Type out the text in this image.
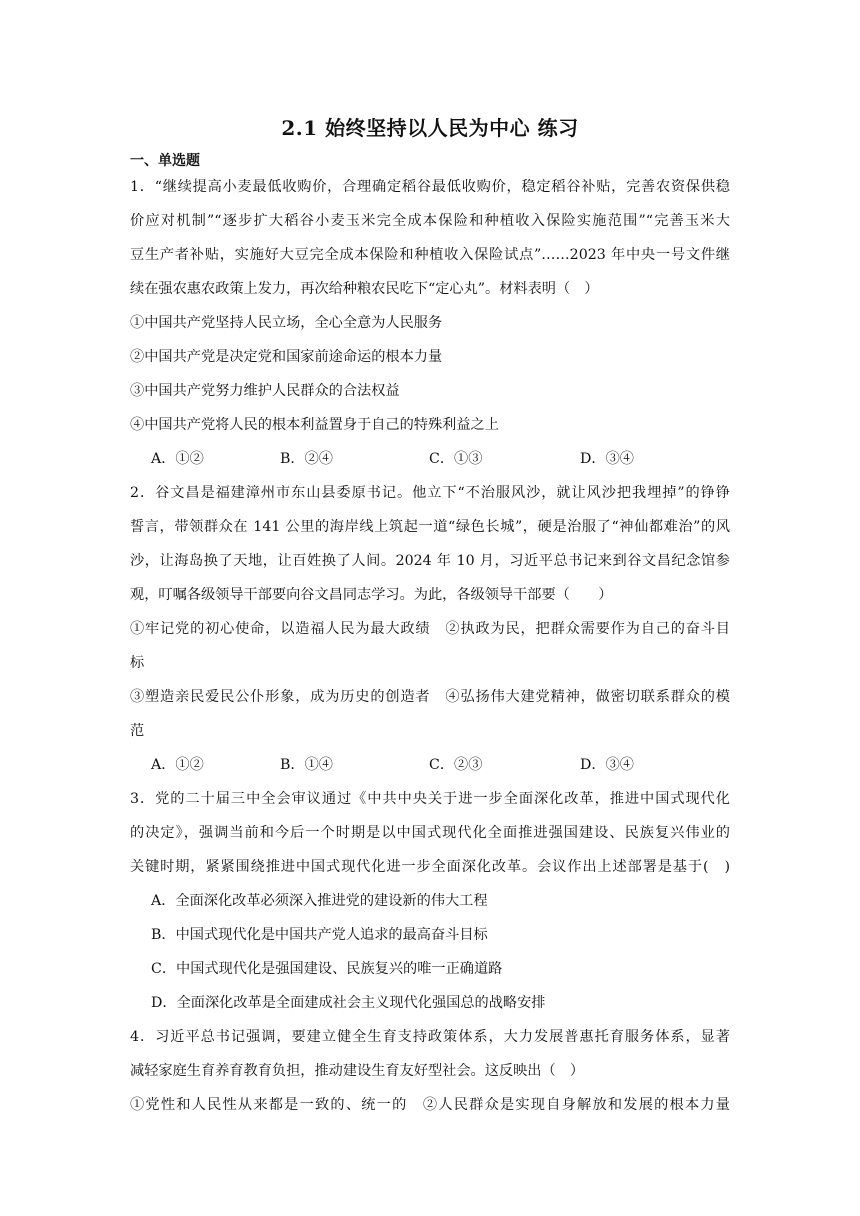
2.1 始终坚持以人民为中心 练习
一、单选题
1．“继续提高小麦最低收购价，合理确定稻谷最低收购价，稳定稻谷补贴，完善农资保供稳
价应对机制”“逐步扩大稻谷小麦玉米完全成本保险和种植收入保险实施范围”“完善玉米大
豆生产者补贴，实施好大豆完全成本保险和种植收入保险试点”……2023 年中央一号文件继
续在强农惠农政策上发力，再次给种粮农民吃下“定心丸”。材料表明（　）
①中国共产党坚持人民立场，全心全意为人民服务
②中国共产党是决定党和国家前途命运的根本力量
③中国共产党努力维护人民群众的合法权益
④中国共产党将人民的根本利益置身于自己的特殊利益之上
A．①②	B．②④	C．①③	D．③④
2．谷文昌是福建漳州市东山县委原书记。他立下“不治服风沙，就让风沙把我埋掉”的铮铮
誓言，带领群众在 141 公里的海岸线上筑起一道“绿色长城”，硬是治服了“神仙都难治”的风
沙，让海岛换了天地，让百姓换了人间。2024 年 10 月，习近平总书记来到谷文昌纪念馆参
观，叮嘱各级领导干部要向谷文昌同志学习。为此，各级领导干部要（　　）
①牢记党的初心使命，以造福人民为最大政绩　②执政为民，把群众需要作为自己的奋斗目
标
③塑造亲民爱民公仆形象，成为历史的创造者　④弘扬伟大建党精神，做密切联系群众的模
范
A．①②	B．①④	C．②③	D．③④
3．党的二十届三中全会审议通过《中共中央关于进一步全面深化改革，推进中国式现代化
的决定》，强调当前和今后一个时期是以中国式现代化全面推进强国建设、民族复兴伟业的
关键时期，紧紧围绕推进中国式现代化进一步全面深化改革。会议作出上述部署是基于(　)
A．全面深化改革必须深入推进党的建设新的伟大工程
B．中国式现代化是中国共产党人追求的最高奋斗目标
C．中国式现代化是强国建设、民族复兴的唯一正确道路
D．全面深化改革是全面建成社会主义现代化强国总的战略安排
4．习近平总书记强调，要建立健全生育支持政策体系，大力发展普惠托育服务体系，显著
减轻家庭生育养育教育负担，推动建设生育友好型社会。这反映出（　）
①党性和人民性从来都是一致的、统一的　②人民群众是实现自身解放和发展的根本力量
